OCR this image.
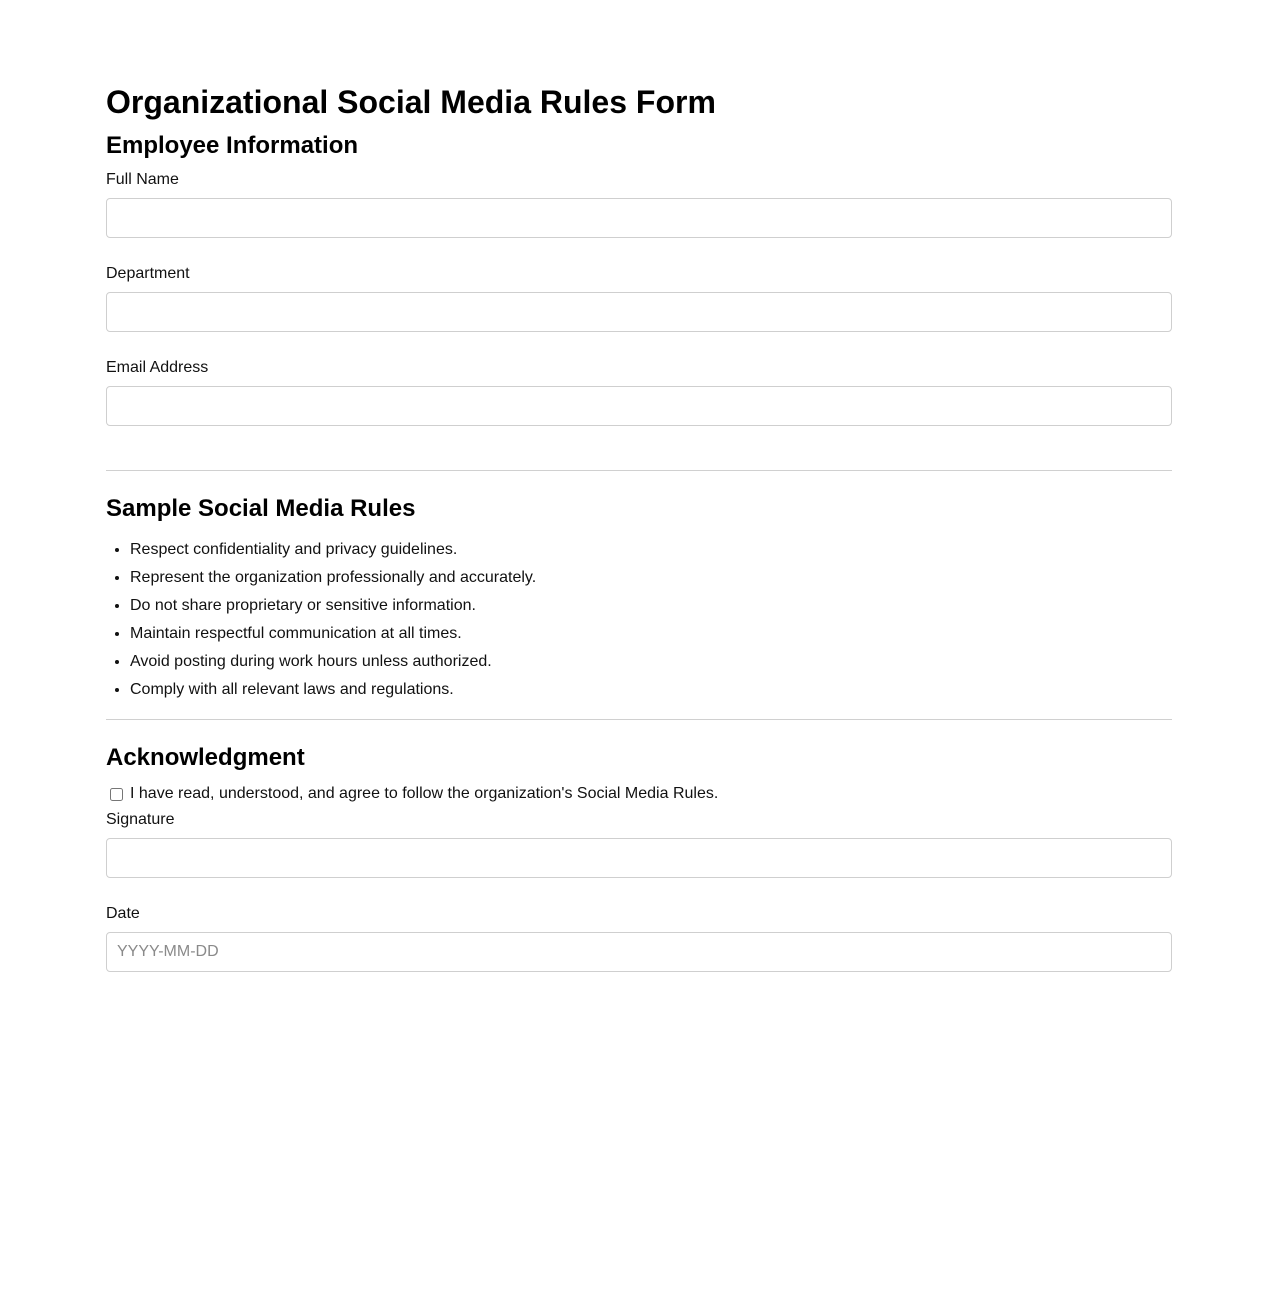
Organizational Social Media Rules Form
Employee Information
Full Name
Department
Email Address
Sample Social Media Rules
• Respect confidentiality and privacy guidelines.
• Represent the organization professionally and accurately.
• Do not share proprietary or sensitive information.
• Maintain respectful communication at all times.
• Avoid posting during work hours unless authorized.
• Comply with all relevant laws and regulations.
Acknowledgment
I have read, understood, and agree to follow the organization's Social Media Rules.
Signature
Date
YYYY-MM-DD
